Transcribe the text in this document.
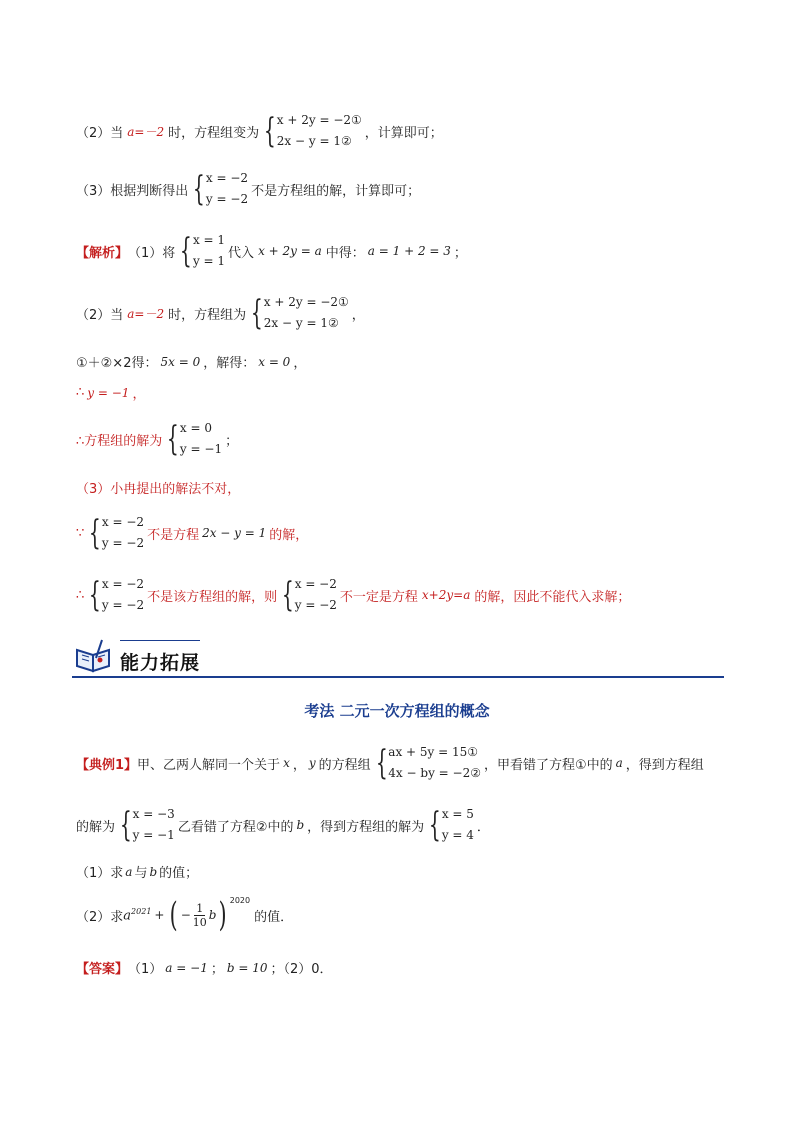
（2）当 a=－2 时，方程组变为 { x + 2y = −2①
2x − y = 1②
，计算即可；
（3）根据判断得出 { x = −2
y = −2
不是方程组的解，计算即可；
【解析】 （1）将 { x = 1
y = 1
代入 x + 2y = a 中得： a = 1 + 2 = 3 ；
（2）当 a=－2 时，方程组为 { x + 2y = −2①
2x − y = 1②
，
①＋②×2得： 5x = 0 ，解得： x = 0 ，
∴ y = −1 ，
∴方程组的解为 { x = 0
y = −1
；
（3）小冉提出的解法不对，
∵ { x = −2
y = −2
不是方程 2x − y = 1 的解，
∴ { x = −2
y = −2
不是该方程组的解，则 { x = −2
y = −2
不一定是方程 x+2y=a 的解，因此不能代入求解；
能力拓展
考法 二元一次方程组的概念
【典例1】 甲、乙两人解同一个关于 x ， y 的方程组 { ax + 5y = 15①
4x − by = −2②
，甲看错了方程①中的 a ，得到方程组
的解为 { x = −3
y = −1
乙看错了方程②中的 b ，得到方程组的解为 { x = 5
y = 4
．
（1）求 a 与 b 的值；
（2）求 $a^{2021}$ + ( − $\frac{1}{10}$ b ) $^{2020}$
的值．
【答案】 （1） a = −1 ； b = 10 ；（2）0．
